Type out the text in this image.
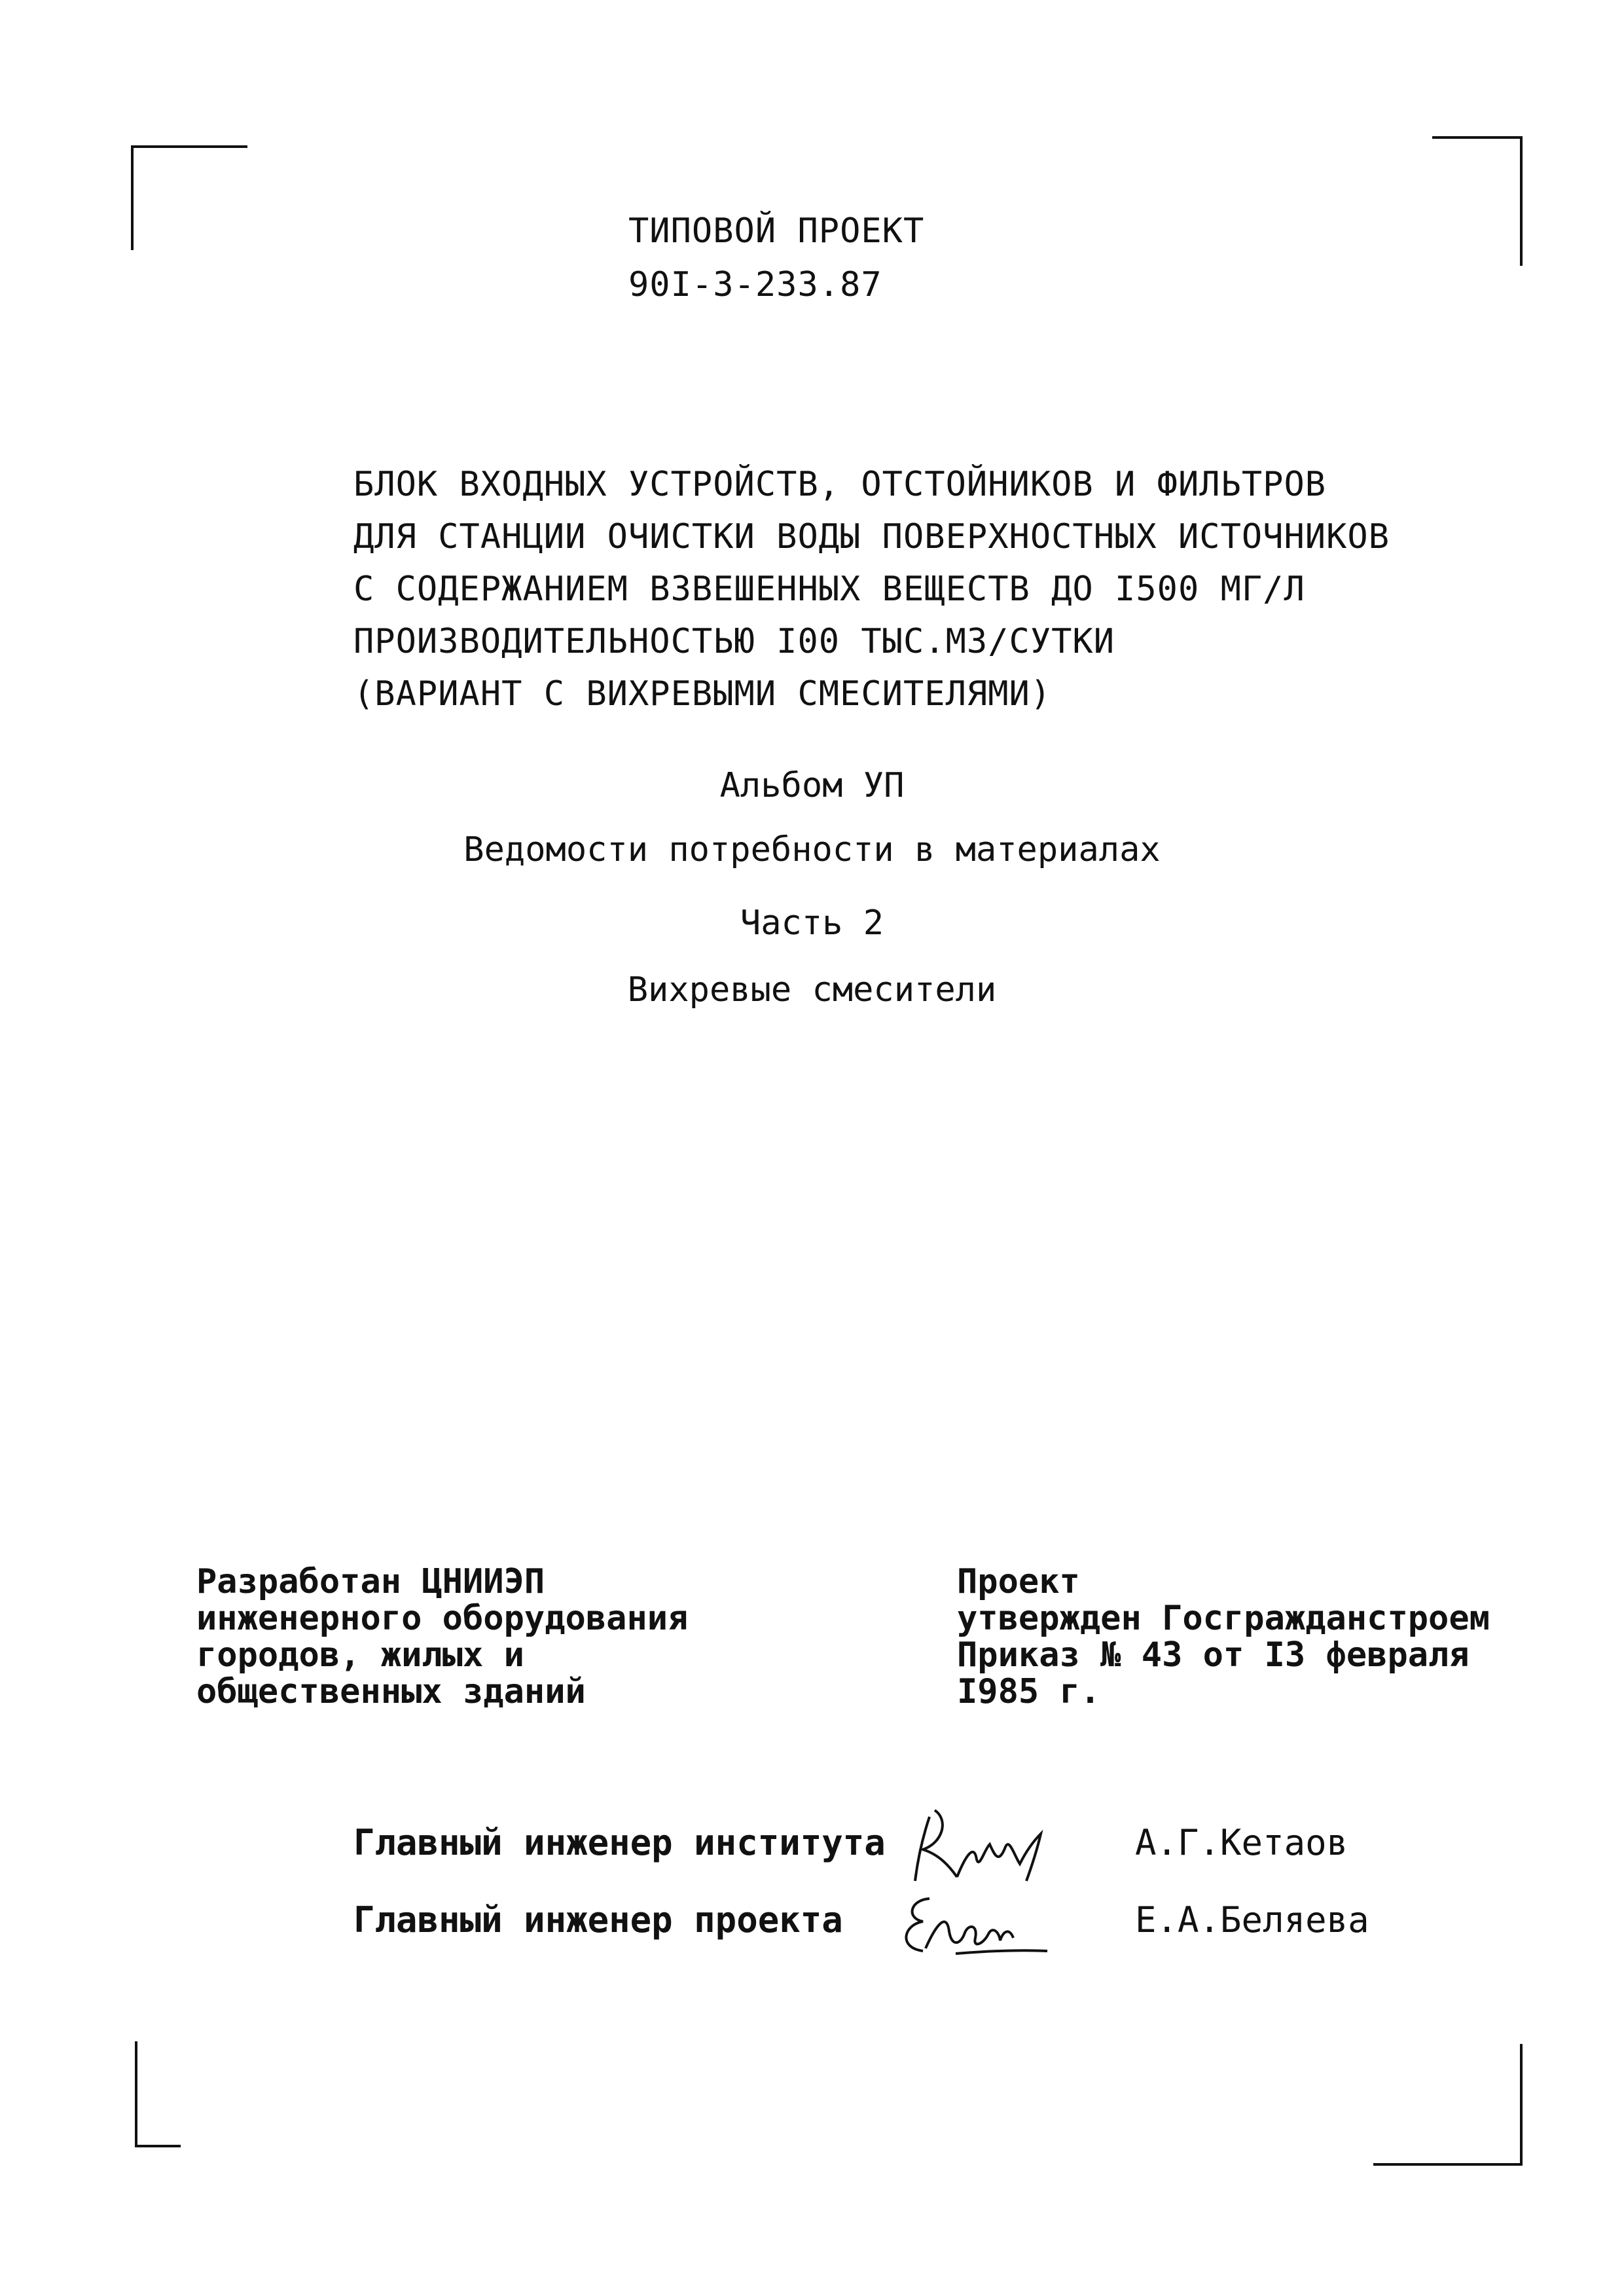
ТИПОВОЙ ПРОЕКТ
90I-3-233.87
БЛОК ВХОДНЫХ УСТРОЙСТВ, ОТСТОЙНИКОВ И ФИЛЬТРОВ
ДЛЯ СТАНЦИИ ОЧИСТКИ ВОДЫ ПОВЕРХНОСТНЫХ ИСТОЧНИКОВ
С СОДЕРЖАНИЕМ ВЗВЕШЕННЫХ ВЕЩЕСТВ ДО I500 МГ/Л
ПРОИЗВОДИТЕЛЬНОСТЬЮ I00 ТЫС.М3/СУТКИ
(ВАРИАНТ С ВИХРЕВЫМИ СМЕСИТЕЛЯМИ)
Альбом УП
Ведомости потребности в материалах
Часть 2
Вихревые смесители
Разработан ЦНИИЭП
инженерного оборудования
городов, жилых и
общественных зданий
Проект
утвержден Госгражданстроем
Приказ № 43 от I3 февраля
I985 г.
Главный инженер института	А.Г.Кетаов
Главный инженер проекта	Е.А.Беляева
